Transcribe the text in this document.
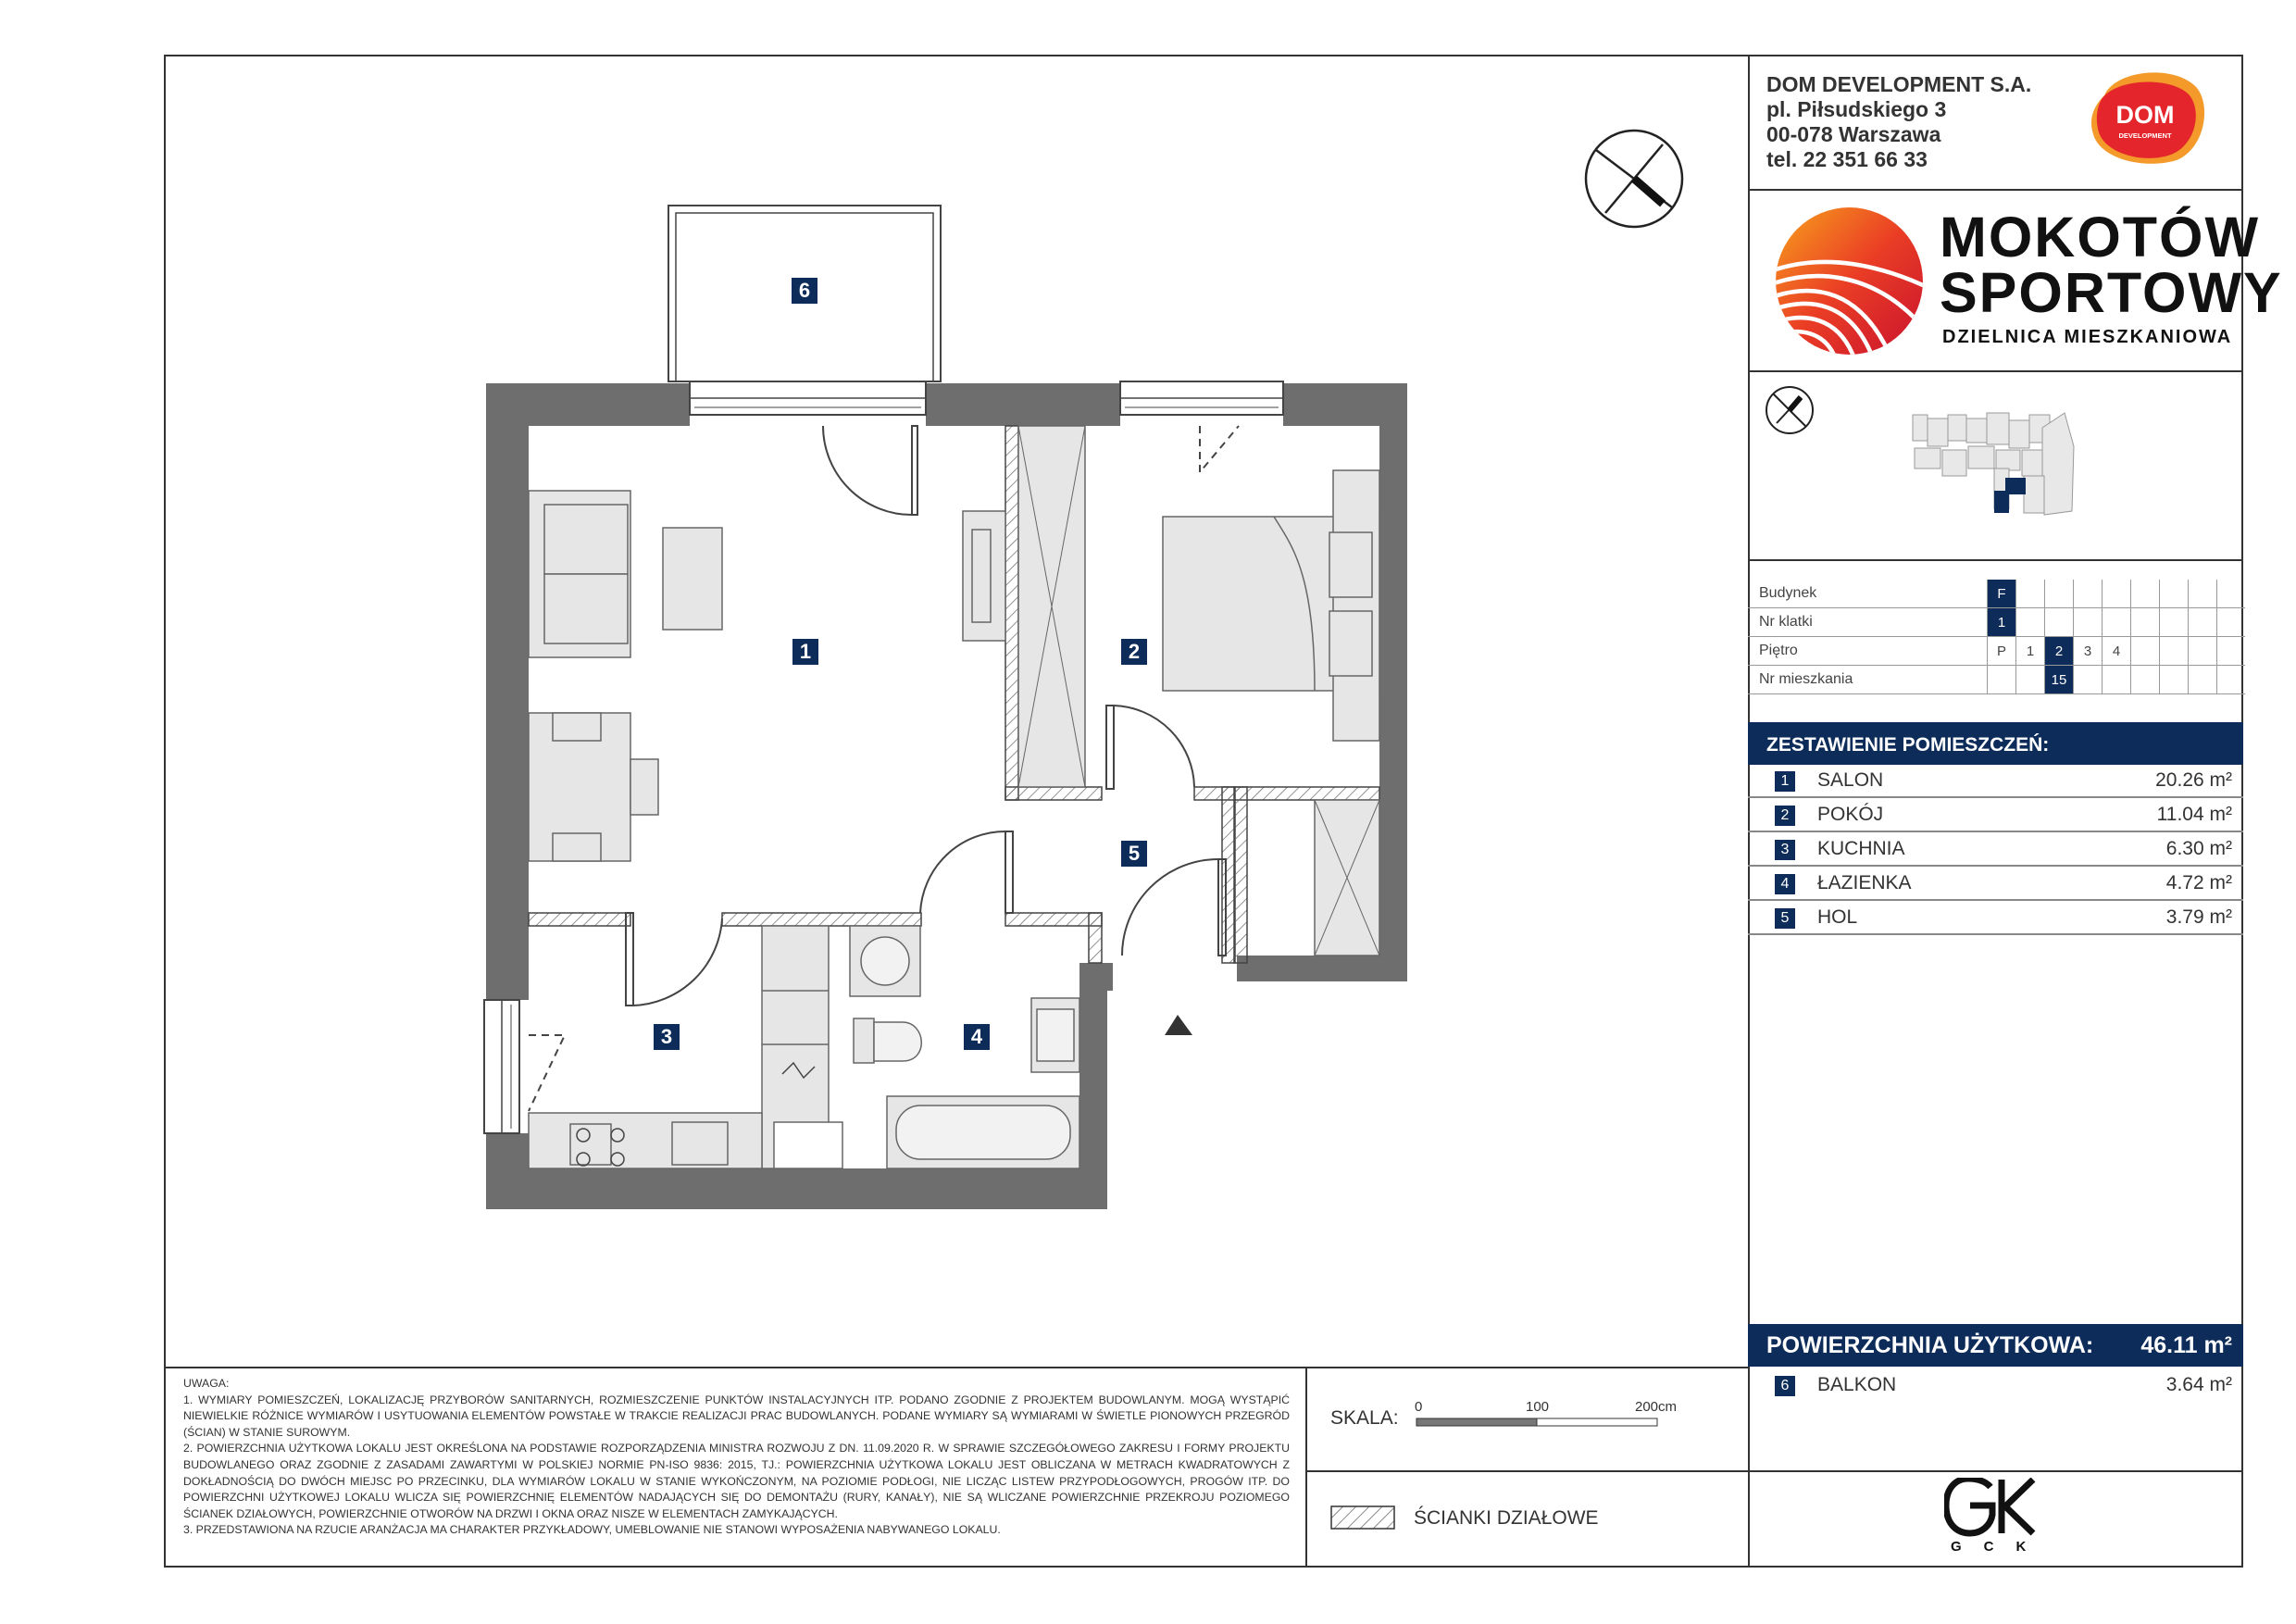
DOM DEVELOPMENT S.A.
pl. Piłsudskiego 3
00-078 Warszawa
tel. 22 351 66 33
DOM
DEVELOPMENT
MOKOTÓW
SPORTOWY
DZIELNICA MIESZKANIOWA
Budynek	F								
Nr klatki	1								
Piętro	P	1	2	3	4				
Nr mieszkania			15						
ZESTAWIENIE POMIESZCZEŃ:
1	SALON	20.26 m²
2	POKÓJ	11.04 m²
3	KUCHNIA	6.30 m²
4	ŁAZIENKA	4.72 m²
5	HOL	3.79 m²
POWIERZCHNIA UŻYTKOWA: 46.11 m²
6	BALKON	3.64 m²
GCK

UWAGA:

1. WYMIARY POMIESZCZEŃ, LOKALIZACJĘ PRZYBORÓW SANITARNYCH, ROZMIESZCZENIE PUNKTÓW INSTALACYJNYCH ITP. PODANO ZGODNIE Z PROJEKTEM BUDOWLANYM. MOGĄ WYSTĄPIĆ NIEWIELKIE RÓŻNICE WYMIARÓW I USYTUOWANIA ELEMENTÓW POWSTAŁE W TRAKCIE REALIZACJI PRAC BUDOWLANYCH. PODANE WYMIARY SĄ WYMIARAMI W ŚWIETLE PIONOWYCH PRZEGRÓD (ŚCIAN) W STANIE SUROWYM.

2. POWIERZCHNIA UŻYTKOWA LOKALU JEST OKREŚLONA NA PODSTAWIE ROZPORZĄDZENIA MINISTRA ROZWOJU Z DN. 11.09.2020 R. W SPRAWIE SZCZEGÓŁOWEGO ZAKRESU I FORMY PROJEKTU BUDOWLANEGO ORAZ ZGODNIE Z ZASADAMI ZAWARTYMI W POLSKIEJ NORMIE PN-ISO 9836: 2015, TJ.: POWIERZCHNIA UŻYTKOWA LOKALU JEST OBLICZANA W METRACH KWADRATOWYCH Z DOKŁADNOŚCIĄ DO DWÓCH MIEJSC PO PRZECINKU, DLA WYMIARÓW LOKALU W STANIE WYKOŃCZONYM, NA POZIOMIE PODŁOGI, NIE LICZĄC LISTEW PRZYPODŁOGOWYCH, PROGÓW ITP. DO POWIERZCHNI UŻYTKOWEJ LOKALU WLICZA SIĘ POWIERZCHNIĘ ELEMENTÓW NADAJĄCYCH SIĘ DO DEMONTAŻU (RURY, KANAŁY), NIE SĄ WLICZANE POWIERZCHNIE PRZEKROJU POZIOMEGO ŚCIANEK DZIAŁOWYCH, POWIERZCHNIE OTWORÓW NA DRZWI I OKNA ORAZ NISZE W ELEMENTACH ZAMYKAJĄCYCH.

3. PRZEDSTAWIONA NA RZUCIE ARANŻACJA MA CHARAKTER PRZYKŁADOWY, UMEBLOWANIE NIE STANOWI WYPOSAŻENIA NABYWANEGO LOKALU.

SKALA:
0	100	200cm
ŚCIANKI DZIAŁOWE
6
1	2
5
3	4
